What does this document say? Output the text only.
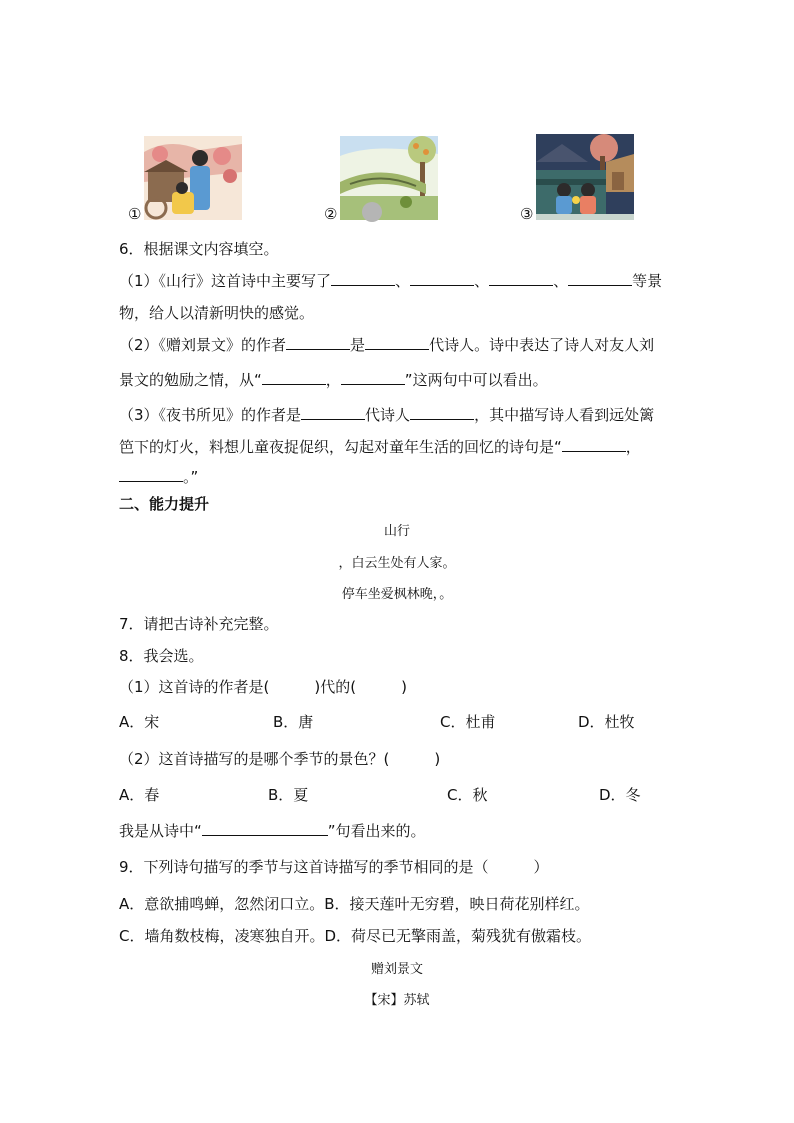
①	②	③
6．根据课文内容填空。
（1）《山行》这首诗中主要写了	、	、	、	等景
物，给人以清新明快的感觉。
（2）《赠刘景文》的作者	是	代诗人。诗中表达了诗人对友人刘
景文的勉励之情，从“	，	”这两句中可以看出。
（3）《夜书所见》的作者是	代诗人	，其中描写诗人看到远处篱
笆下的灯火，料想儿童夜捉促织，勾起对童年生活的回忆的诗句是“	，
。”
二、能力提升
山行
，白云生处有人家。
停车坐爱枫林晚，。
7．请把古诗补充完整。
8．我会选。
（1）这首诗的作者是(　　　)代的(　　　)
A．宋	B．唐	C．杜甫	D．杜牧
（2）这首诗描写的是哪个季节的景色？(　　　)
A．春	B．夏	C．秋	D．冬
我是从诗中“	”句看出来的。
9．下列诗句描写的季节与这首诗描写的季节相同的是（　　　）
A．意欲捕鸣蝉，忽然闭口立。B．接天莲叶无穷碧，映日荷花别样红。
C．墙角数枝梅，凌寒独自开。D．荷尽已无擎雨盖，菊残犹有傲霜枝。
赠刘景文
【宋】苏轼
